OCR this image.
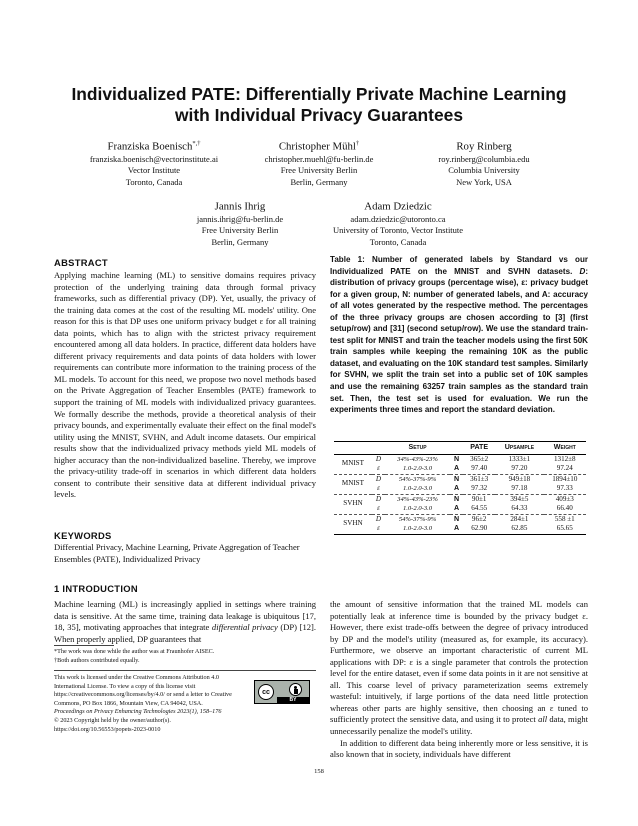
Individualized PATE: Differentially Private Machine Learning
with Individual Privacy Guarantees
Franziska Boenisch*,†
franziska.boenisch@vectorinstitute.ai
Vector Institute
Toronto, Canada
Christopher Mühl†
christopher.muehl@fu-berlin.de
Free University Berlin
Berlin, Germany
Roy Rinberg
roy.rinberg@columbia.edu
Columbia University
New York, USA
Jannis Ihrig
jannis.ihrig@fu-berlin.de
Free University Berlin
Berlin, Germany
Adam Dziedzic
adam.dziedzic@utoronto.ca
University of Toronto, Vector Institute
Toronto, Canada
ABSTRACT

Applying machine learning (ML) to sensitive domains requires privacy protection of the underlying training data through formal privacy frameworks, such as differential privacy (DP). Yet, usually, the privacy of the training data comes at the cost of the resulting ML models' utility. One reason for this is that DP uses one uniform privacy budget ε for all training data points, which has to align with the strictest privacy requirement encountered among all data holders. In practice, different data holders have different privacy requirements and data points of data holders with lower requirements can contribute more information to the training process of the ML models. To account for this need, we propose two novel methods based on the Private Aggregation of Teacher Ensembles (PATE) framework to support the training of ML models with individualized privacy guarantees. We formally describe the methods, provide a theoretical analysis of their privacy bounds, and experimentally evaluate their effect on the final model's utility using the MNIST, SVHN, and Adult income datasets. Our empirical results show that the individualized privacy methods yield ML models of higher accuracy than the non-individualized baseline. Thereby, we improve the privacy-utility trade-off in scenarios in which different data holders consent to contribute their sensitive data at different individual privacy levels.

KEYWORDS

Differential Privacy, Machine Learning, Private Aggregation of Teacher Ensembles (PATE), Individualized Privacy

1 INTRODUCTION

Machine learning (ML) is increasingly applied in settings where training data is sensitive. At the same time, training data leakage is ubiquitous [17, 18, 35], motivating approaches that integrate differential privacy (DP) [12]. When properly applied, DP guarantees that

*The work was done while the author was at Fraunhofer AISEC.
†Both authors contributed equally.
This work is licensed under the Creative Commons Attribution 4.0 International License. To view a copy of this license visit https://creativecommons.org/licenses/by/4.0/ or send a letter to Creative Commons, PO Box 1866, Mountain View, CA 94042, USA.
Proceedings on Privacy Enhancing Technologies 2023(1), 158–176
© 2023 Copyright held by the owner/author(s).
https://doi.org/10.56553/popets-2023-0010
cc
BY

Table 1: Number of generated labels by Standard vs our Individualized PATE on the MNIST and SVHN datasets. D: distribution of privacy groups (percentage wise), ε: privacy budget for a given group, N: number of generated labels, and A: accuracy of all votes generated by the respective method. The percentages of the three privacy groups are chosen according to [3] (first setup/row) and [31] (second setup/row). We use the standard train-test split for MNIST and train the teacher models using the first 50K train samples while keeping the remaining 10K as the public dataset, and evaluating on the 10K standard test samples. Similarly for SVHN, we split the train set into a public set of 10K samples and use the remaining 63257 train samples as the standard train set. Then, the test set is used for evaluation. We run the experiments three times and report the standard deviation.

		Setup		PATE	Upsample	Weight
MNIST	D	34%-43%-23%	N	365±2	1333±1	1312±8
	ε	1.0-2.0-3.0	A	97.40	97.20	97.24
MNIST	D	54%-37%-9%	N	361±3	949±18	1894±10
	ε	1.0-2.0-3.0	A	97.32	97.18	97.33
SVHN	D	34%-43%-23%	N	90±1	394±5	409±3
	ε	1.0-2.0-3.0	A	64.55	64.33	66.40
SVHN	D	54%-37%-9%	N	96±2	284±1	558 ±1
	ε	1.0-2.0-3.0	A	62.90	62.85	65.65

the amount of sensitive information that the trained ML models can potentially leak at inference time is bounded by the privacy budget ε. However, there exist trade-offs between the degree of privacy introduced by DP and the model's utility (measured as, for example, its accuracy). Furthermore, we observe an important characteristic of current ML applications with DP: ε is a single parameter that controls the protection level for the entire dataset, even if some data points in it are not sensitive at all. This coarse level of privacy parameterization seems extremely wasteful: intuitively, if large portions of the data need little protection whereas other parts are highly sensitive, then choosing an ε tuned to sufficiently protect the sensitive data, and using it to protect all data, might unnecessarily penalize the model's utility.
In addition to different data being inherently more or less sensitive, it is also known that in society, individuals have different

158
